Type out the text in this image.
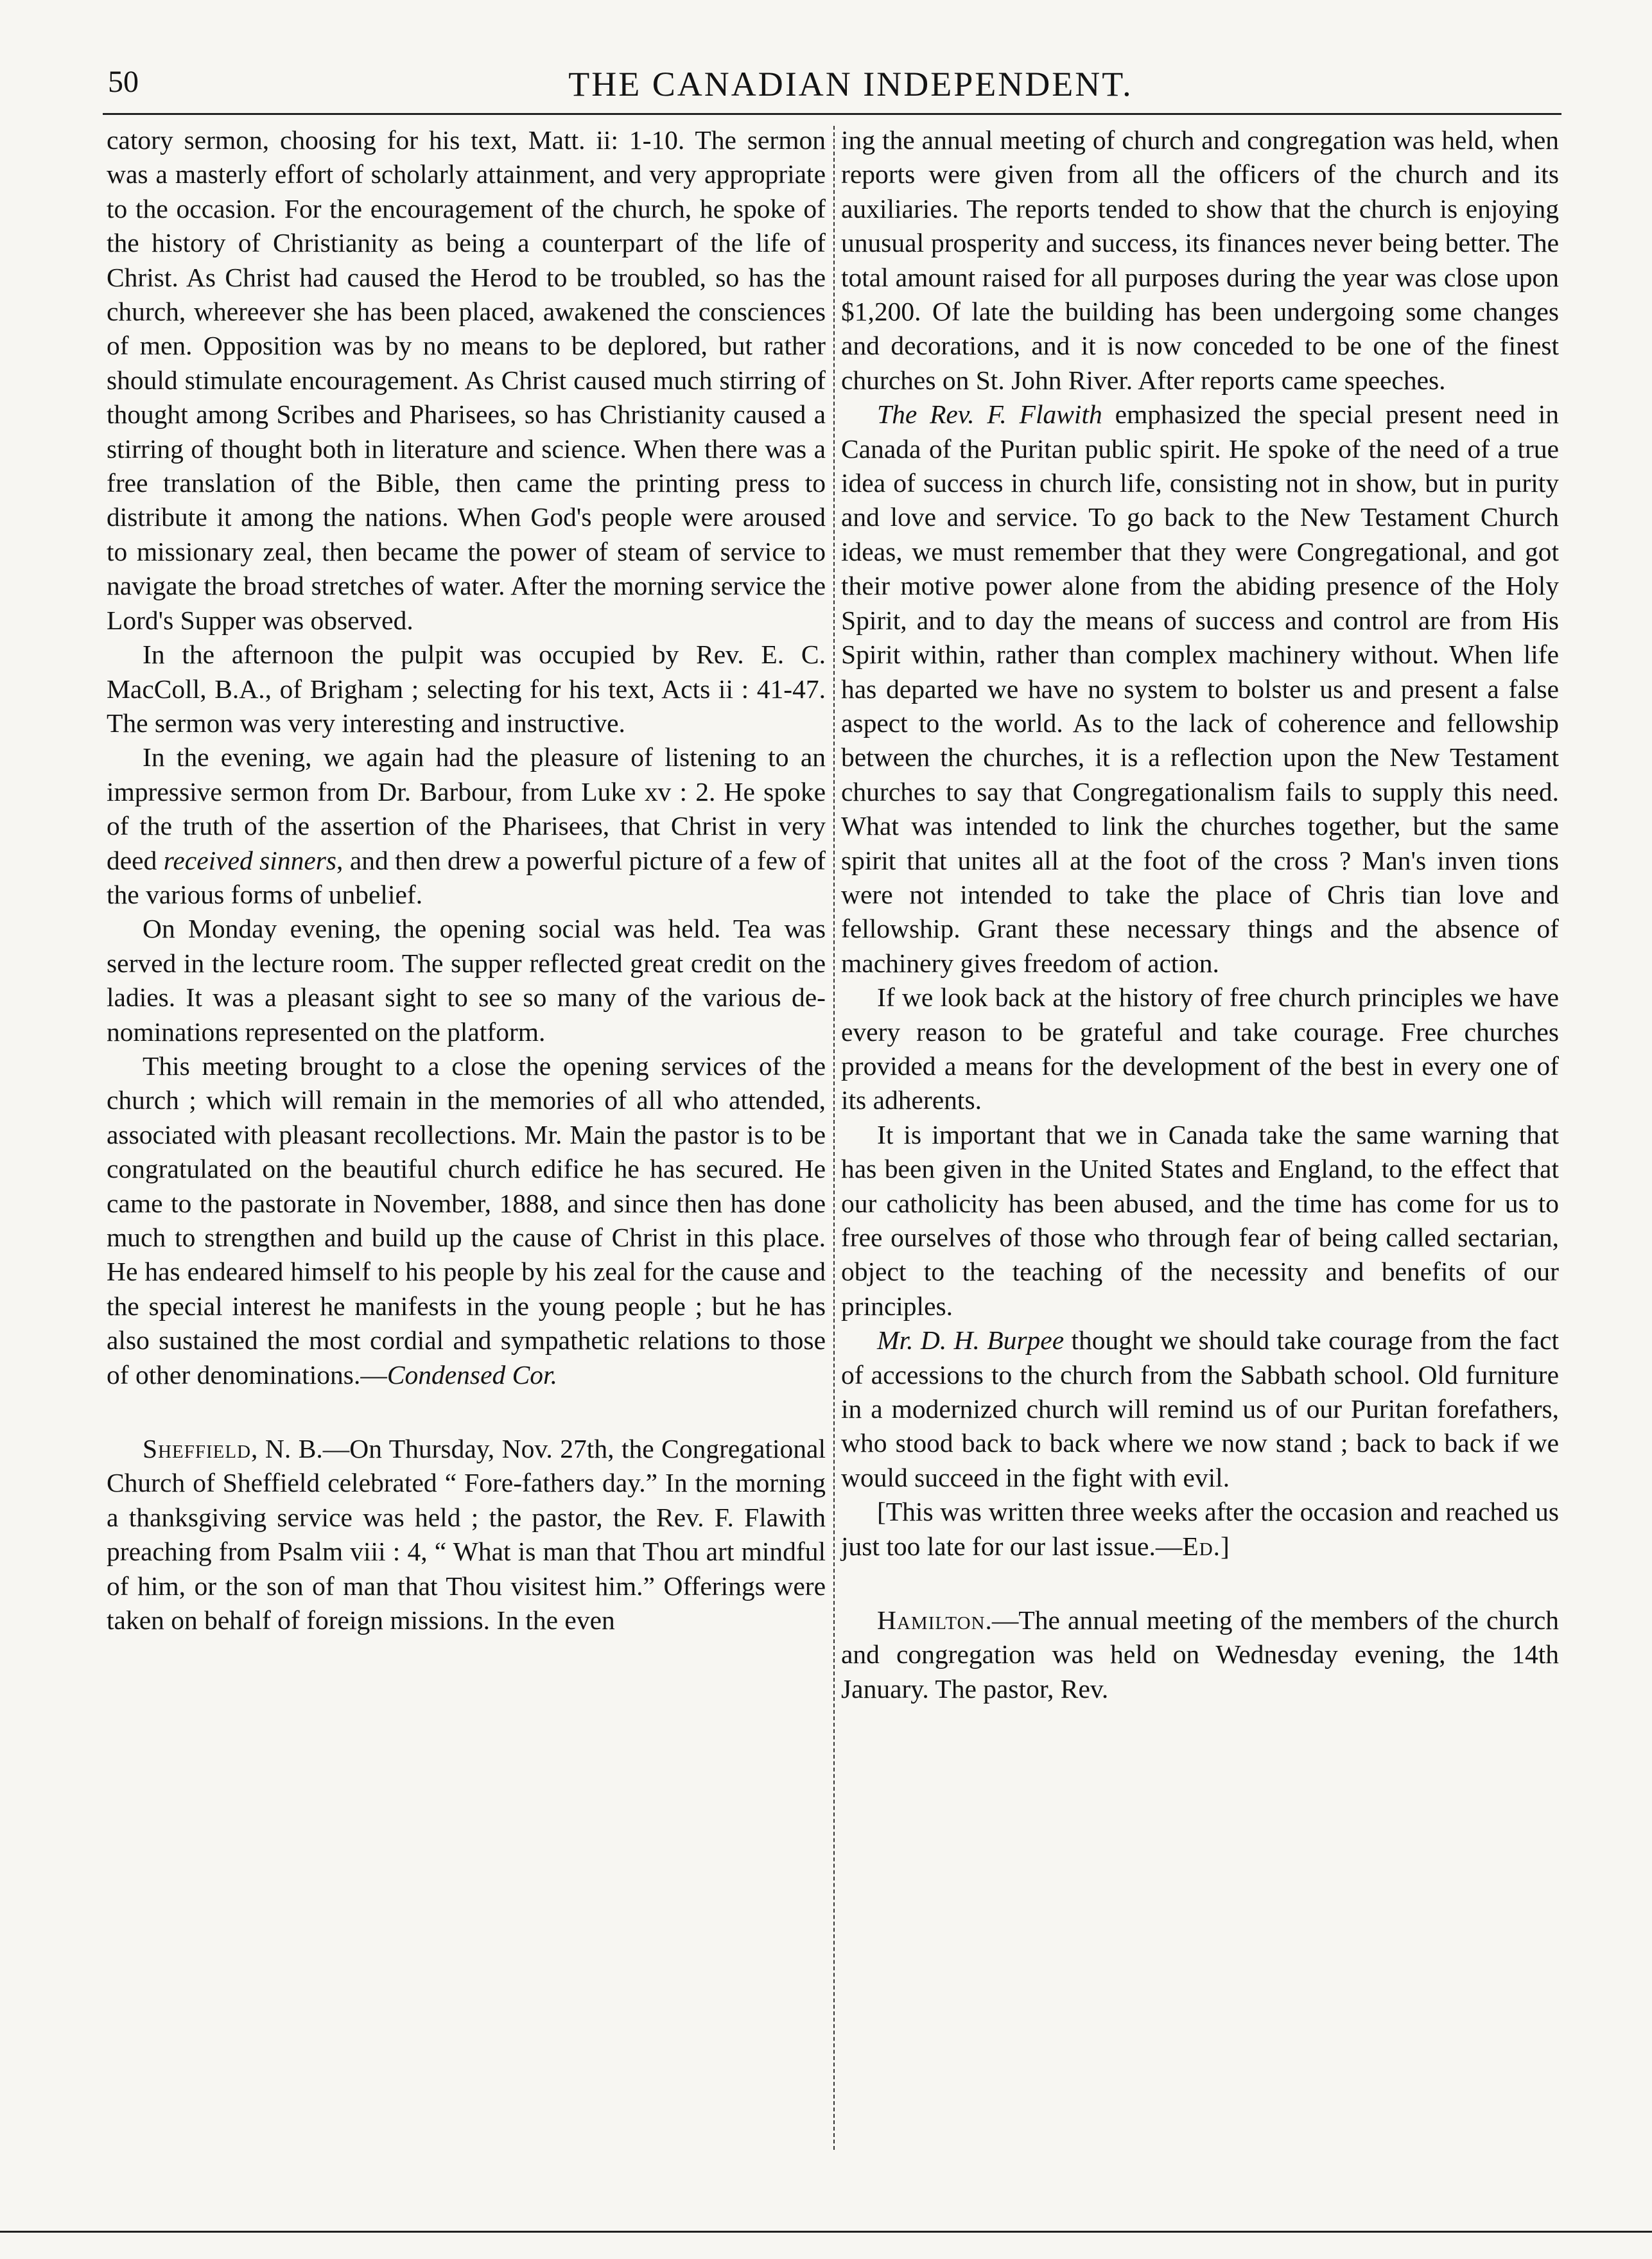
50	THE CANADIAN INDEPENDENT.

catory sermon, choosing for his text, Matt. ii: 1-10. The sermon was a masterly effort of scholarly attainment, and very appropriate to the occasion. For the encouragement of the church, he spoke of the history of Christianity as being a counterpart of the life of Christ. As Christ had caused the Herod to be troubled, so has the church, whereever she has been placed, awakened the consciences of men. Opposition was by no means to be deplored, but rather should stimulate encouragement. As Christ caused much stirring of thought among Scribes and Pharisees, so has Christianity caused a stirring of thought both in literature and science. When there was a free translation of the Bible, then came the printing press to distribute it among the nations. When God's people were aroused to missionary zeal, then became the power of steam of service to navigate the broad stretches of water. After the morning service the Lord's Supper was observed.

In the afternoon the pulpit was occupied by Rev. E. C. MacColl, B.A., of Brigham ; selecting for his text, Acts ii : 41-47. The sermon was very interesting and instructive.

In the evening, we again had the pleasure of listening to an impressive sermon from Dr. Barbour, from Luke xv : 2. He spoke of the truth of the assertion of the Pharisees, that Christ in very deed received sinners, and then drew a powerful picture of a few of the various forms of unbelief.

On Monday evening, the opening social was held. Tea was served in the lecture room. The supper reflected great credit on the ladies. It was a pleasant sight to see so many of the various denominations represented on the platform.

This meeting brought to a close the opening services of the church ; which will remain in the memories of all who attended, associated with pleasant recollections. Mr. Main the pastor is to be congratulated on the beautiful church edifice he has secured. He came to the pastorate in November, 1888, and since then has done much to strengthen and build up the cause of Christ in this place. He has endeared himself to his people by his zeal for the cause and the special interest he manifests in the young people ; but he has also sustained the most cordial and sympathetic relations to those of other denominations.—Condensed Cor.

Sheffield, N. B.—On Thursday, Nov. 27th, the Congregational Church of Sheffield celebrated “ Fore-fathers day.” In the morning a thanksgiving service was held ; the pastor, the Rev. F. Flawith preaching from Psalm viii : 4, “ What is man that Thou art mindful of him, or the son of man that Thou visitest him.” Offerings were taken on behalf of foreign missions. In the even

ing the annual meeting of church and congregation was held, when reports were given from all the officers of the church and its auxiliaries. The reports tended to show that the church is enjoying unusual prosperity and success, its finances never being better. The total amount raised for all purposes during the year was close upon $1,200. Of late the building has been undergoing some changes and decorations, and it is now conceded to be one of the finest churches on St. John River. After reports came speeches.

The Rev. F. Flawith emphasized the special present need in Canada of the Puritan public spirit. He spoke of the need of a true idea of success in church life, consisting not in show, but in purity and love and service. To go back to the New Testament Church ideas, we must remember that they were Congregational, and got their motive power alone from the abiding presence of the Holy Spirit, and to day the means of success and control are from His Spirit within, rather than complex machinery without. When life has departed we have no system to bolster us and present a false aspect to the world. As to the lack of coherence and fellowship between the churches, it is a reflection upon the New Testament churches to say that Congregationalism fails to supply this need. What was intended to link the churches together, but the same spirit that unites all at the foot of the cross ? Man's inven tions were not intended to take the place of Chris tian love and fellowship. Grant these necessary things and the absence of machinery gives freedom of action.

If we look back at the history of free church principles we have every reason to be grateful and take courage. Free churches provided a means for the development of the best in every one of its adherents.

It is important that we in Canada take the same warning that has been given in the United States and England, to the effect that our catholicity has been abused, and the time has come for us to free ourselves of those who through fear of being called sectarian, object to the teaching of the necessity and benefits of our principles.

Mr. D. H. Burpee thought we should take courage from the fact of accessions to the church from the Sabbath school. Old furniture in a modernized church will remind us of our Puritan forefathers, who stood back to back where we now stand ; back to back if we would succeed in the fight with evil.

[This was written three weeks after the occasion and reached us just too late for our last issue.—Ed.]

Hamilton.—The annual meeting of the members of the church and congregation was held on Wednesday evening, the 14th January. The pastor, Rev.
